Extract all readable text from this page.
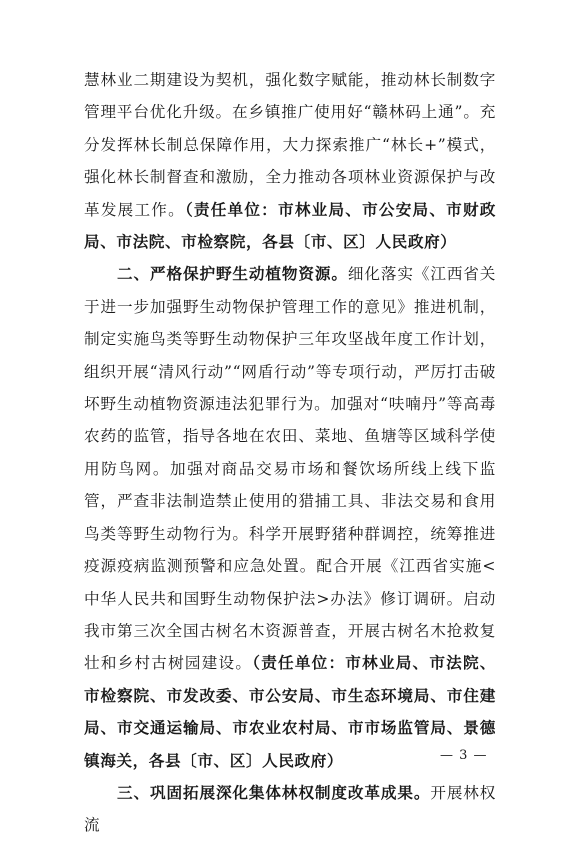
慧林业二期建设为契机，强化数字赋能，推动林长制数字管理平台优化升级。在乡镇推广使用好“赣林码上通”。充分发挥林长制总保障作用，大力探索推广“林长+”模式，强化林长制督查和激励，全力推动各项林业资源保护与改革发展工作。（责任单位：市林业局、市公安局、市财政局、市法院、市检察院，各县〔市、区〕人民政府）

二、严格保护野生动植物资源。细化落实《江西省关于进一步加强野生动物保护管理工作的意见》推进机制，制定实施鸟类等野生动物保护三年攻坚战年度工作计划，组织开展“清风行动”“网盾行动”等专项行动，严厉打击破坏野生动植物资源违法犯罪行为。加强对“呋喃丹”等高毒农药的监管，指导各地在农田、菜地、鱼塘等区域科学使用防鸟网。加强对商品交易市场和餐饮场所线上线下监管，严查非法制造禁止使用的猎捕工具、非法交易和食用鸟类等野生动物行为。科学开展野猪种群调控，统筹推进疫源疫病监测预警和应急处置。配合开展《江西省实施<中华人民共和国野生动物保护法>办法》修订调研。启动我市第三次全国古树名木资源普查，开展古树名木抢救复壮和乡村古树园建设。（责任单位：市林业局、市法院、市检察院、市发改委、市公安局、市生态环境局、市住建局、市交通运输局、市农业农村局、市市场监管局、景德镇海关，各县〔市、区〕人民政府）

三、巩固拓展深化集体林权制度改革成果。开展林权流

— 3 —
